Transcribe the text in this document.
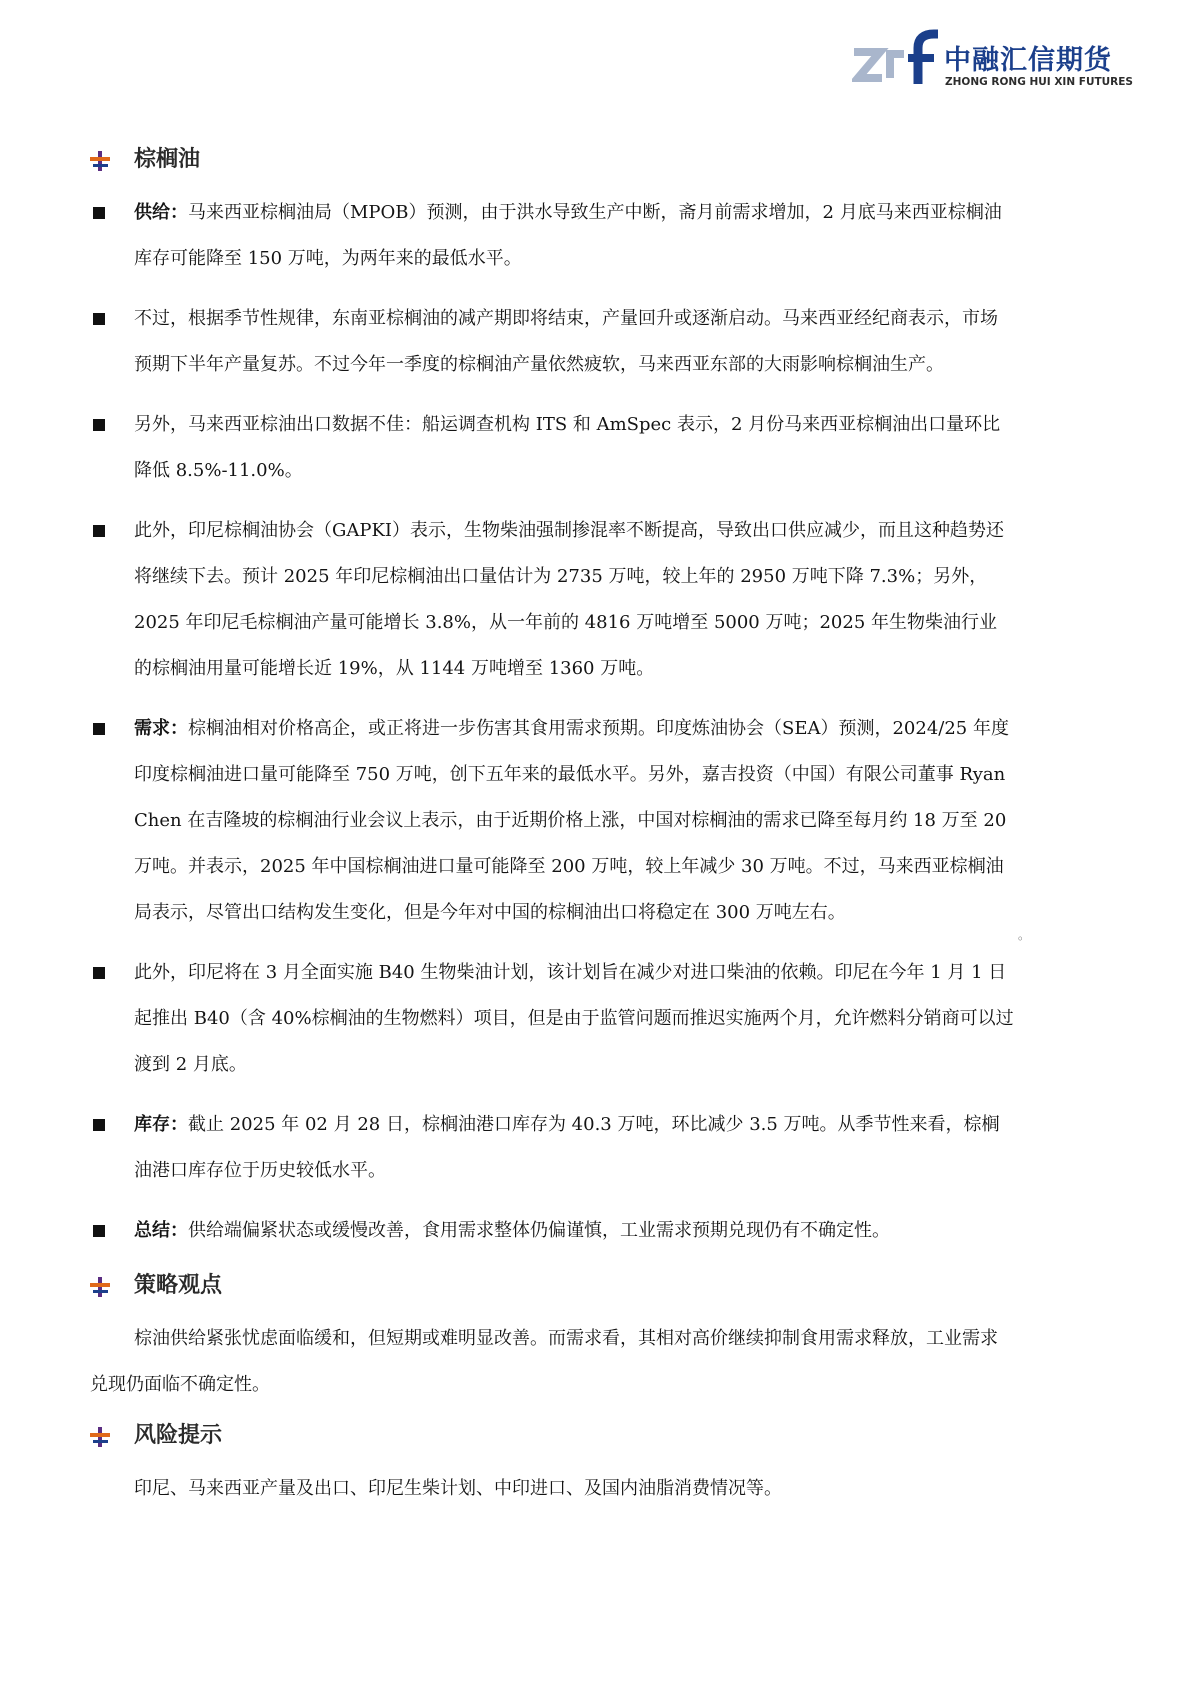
中融汇信期货
ZHONG RONG HUI XIN FUTURES
棕榈油
供给：马来西亚棕榈油局（MPOB）预测，由于洪水导致生产中断，斋月前需求增加，2 月底马来西亚棕榈油库存可能降至 150 万吨，为两年来的最低水平。
不过，根据季节性规律，东南亚棕榈油的减产期即将结束，产量回升或逐渐启动。马来西亚经纪商表示，市场预期下半年产量复苏。不过今年一季度的棕榈油产量依然疲软，马来西亚东部的大雨影响棕榈油生产。
另外，马来西亚棕油出口数据不佳：船运调查机构 ITS 和 AmSpec 表示，2 月份马来西亚棕榈油出口量环比降低 8.5%-11.0%。
此外，印尼棕榈油协会（GAPKI）表示，生物柴油强制掺混率不断提高，导致出口供应减少，而且这种趋势还将继续下去。预计 2025 年印尼棕榈油出口量估计为 2735 万吨，较上年的 2950 万吨下降 7.3%；另外，2025 年印尼毛棕榈油产量可能增长 3.8%，从一年前的 4816 万吨增至 5000 万吨；2025 年生物柴油行业的棕榈油用量可能增长近 19%，从 1144 万吨增至 1360 万吨。
需求：棕榈油相对价格高企，或正将进一步伤害其食用需求预期。印度炼油协会（SEA）预测，2024/25 年度印度棕榈油进口量可能降至 750 万吨，创下五年来的最低水平。另外，嘉吉投资（中国）有限公司董事 Ryan Chen 在吉隆坡的棕榈油行业会议上表示，由于近期价格上涨，中国对棕榈油的需求已降至每月约 18 万至 20 万吨。并表示，2025 年中国棕榈油进口量可能降至 200 万吨，较上年减少 30 万吨。不过，马来西亚棕榈油局表示，尽管出口结构发生变化，但是今年对中国的棕榈油出口将稳定在 300 万吨左右。
此外，印尼将在 3 月全面实施 B40 生物柴油计划，该计划旨在减少对进口柴油的依赖。印尼在今年 1 月 1 日起推出 B40（含 40%棕榈油的生物燃料）项目，但是由于监管问题而推迟实施两个月，允许燃料分销商可以过渡到 2 月底。
库存：截止 2025 年 02 月 28 日，棕榈油港口库存为 40.3 万吨，环比减少 3.5 万吨。从季节性来看，棕榈油港口库存位于历史较低水平。
总结：供给端偏紧状态或缓慢改善，食用需求整体仍偏谨慎，工业需求预期兑现仍有不确定性。
策略观点

棕油供给紧张忧虑面临缓和，但短期或难明显改善。而需求看，其相对高价继续抑制食用需求释放，工业需求兑现仍面临不确定性。

风险提示

印尼、马来西亚产量及出口、印尼生柴计划、中印进口、及国内油脂消费情况等。

。
